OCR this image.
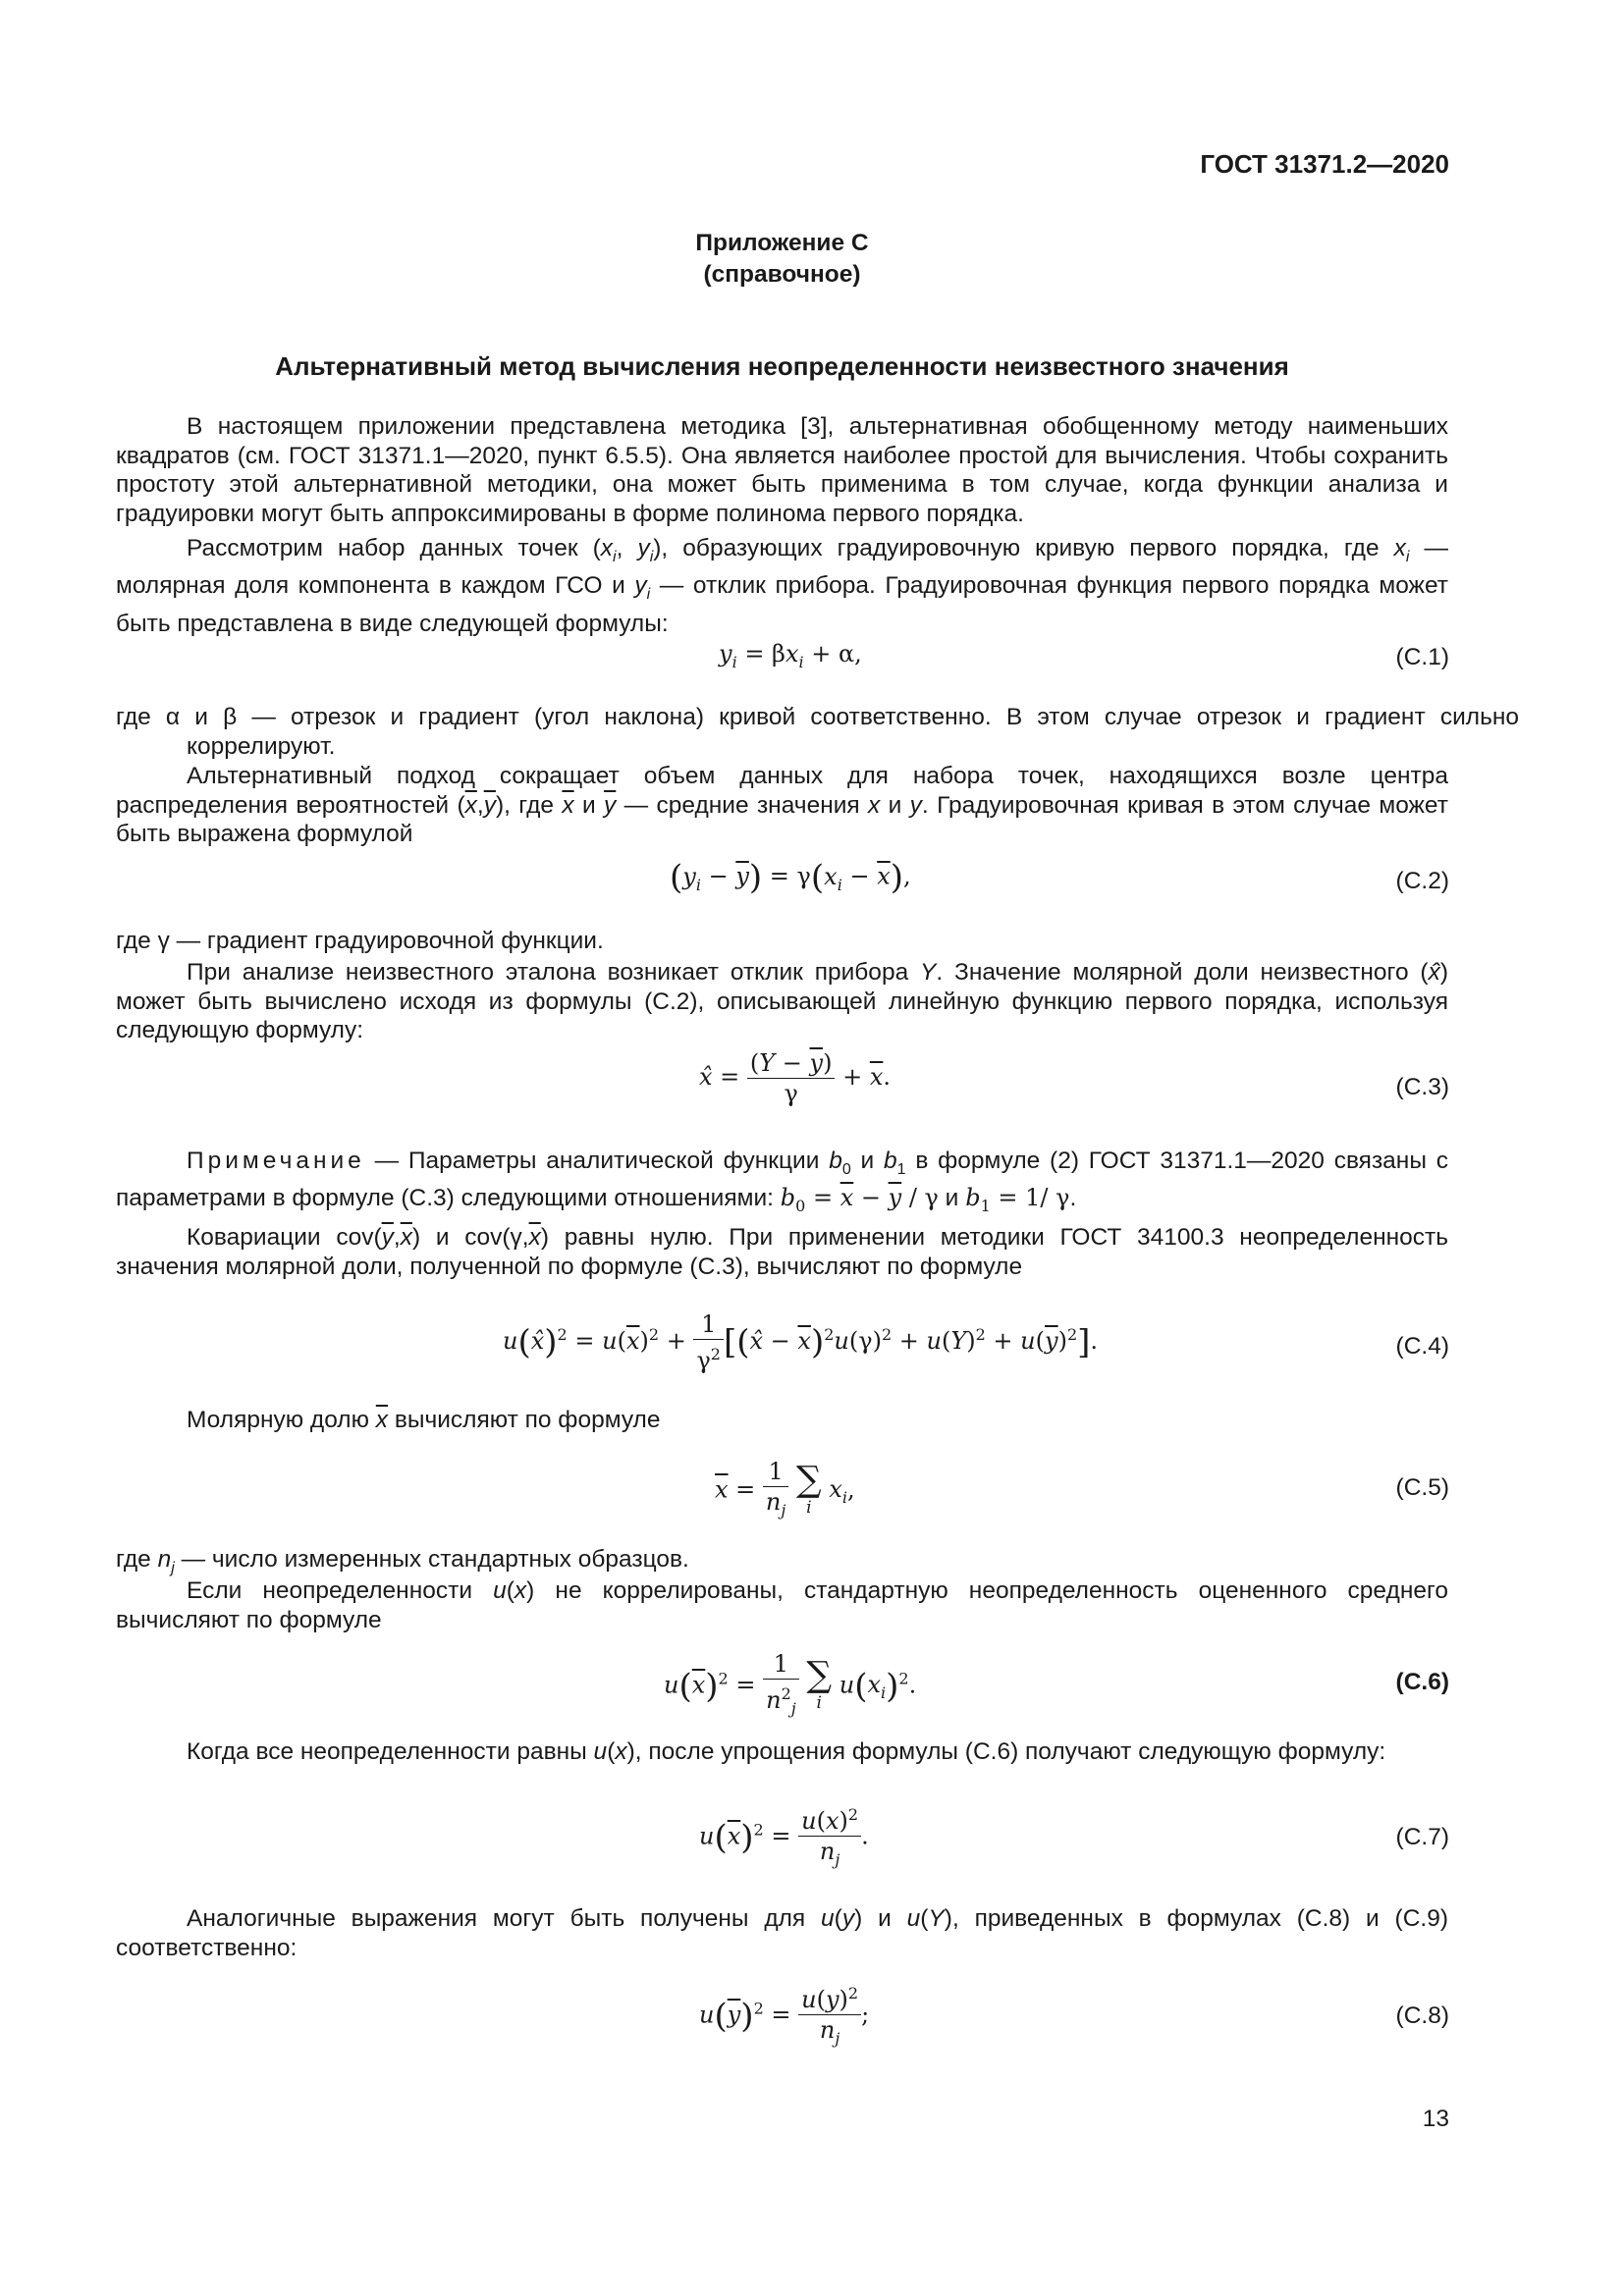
ГОСТ 31371.2—2020
Приложение С
(справочное)
Альтернативный метод вычисления неопределенности неизвестного значения
В настоящем приложении представлена методика [3], альтернативная обобщенному методу наименьших квадратов (см. ГОСТ 31371.1—2020, пункт 6.5.5). Она является наиболее простой для вычисления. Чтобы сохранить простоту этой альтернативной методики, она может быть применима в том случае, когда функции анализа и градуировки могут быть аппроксимированы в форме полинома первого порядка.
Рассмотрим набор данных точек ($x_i$, $y_i$), образующих градуировочную кривую первого порядка, где $x_i$ — молярная доля компонента в каждом ГСО и $y_i$ — отклик прибора. Градуировочная функция первого порядка может быть представлена в виде следующей формулы:
$y_i = \beta x_i + \alpha$,	(С.1)
где α и β — отрезок и градиент (угол наклона) кривой соответственно. В этом случае отрезок и градиент сильно коррелируют.
Альтернативный подход сокращает объем данных для набора точек, находящихся возле центра распределения вероятностей $(\overline{x},\overline{y})$, где $\overline{x}$ и $\overline{y}$ — средние значения x и y. Градуировочная кривая в этом случае может быть выражена формулой
$(y_i - \overline{y}) = \gamma(x_i - \overline{x})$,	(С.2)
где γ — градиент градуировочной функции.
При анализе неизвестного эталона возникает отклик прибора Y. Значение молярной доли неизвестного (x̂) может быть вычислено исходя из формулы (С.2), описывающей линейную функцию первого порядка, используя следующую формулу:
x̂ = $\frac{(Y - \overline{y})}{\gamma} + \overline{x}$.	(С.3)
Примечание — Параметры аналитической функции $b_0$ и $b_1$ в формуле (2) ГОСТ 31371.1—2020 связаны с параметрами в формуле (С.3) следующими отношениями: $b_0 = \overline{x} - \overline{y} / \gamma$ и $b_1 = 1/$ γ.
Ковариации $cov(\overline{y},\overline{x})$ и $cov(\gamma,\overline{x})$ равны нулю. При применении методики ГОСТ 34100.3 неопределенность значения молярной доли, полученной по формуле (С.3), вычисляют по формуле
u(x̂)$^2$ = $u(\overline{x})^2 + \frac{1}{\gamma^2}$ [(x̂ − $\overline{x})^2u(\gamma)^2 + u(Y)^2 + u(\overline{y})^2$].	(С.4)
Молярную долю $\overline{x}$ вычисляют по формуле
$\overline{x} = \frac{1}{n_j}$
∑
i
$x_i$,	(С.5)
где $n_j$ — число измеренных стандартных образцов.
Если неопределенности u(x) не коррелированы, стандартную неопределенность оцененного среднего вычисляют по формуле
$u(\overline{x})^2 = \frac{1}{n^2_j}$
∑
i
$u(x_i)^2$.	(С.6)
Когда все неопределенности равны u(x), после упрощения формулы (С.6) получают следующую формулу:
$u(\overline{x})^2 = \frac{u(x)^2}{n_j}$ .	(С.7)
Аналогичные выражения могут быть получены для u(y) и u(Y), приведенных в формулах (С.8) и (С.9) соответственно:
$u(\overline{y})^2 = \frac{u(y)^2}{n_j}$ ;	(С.8)
13
